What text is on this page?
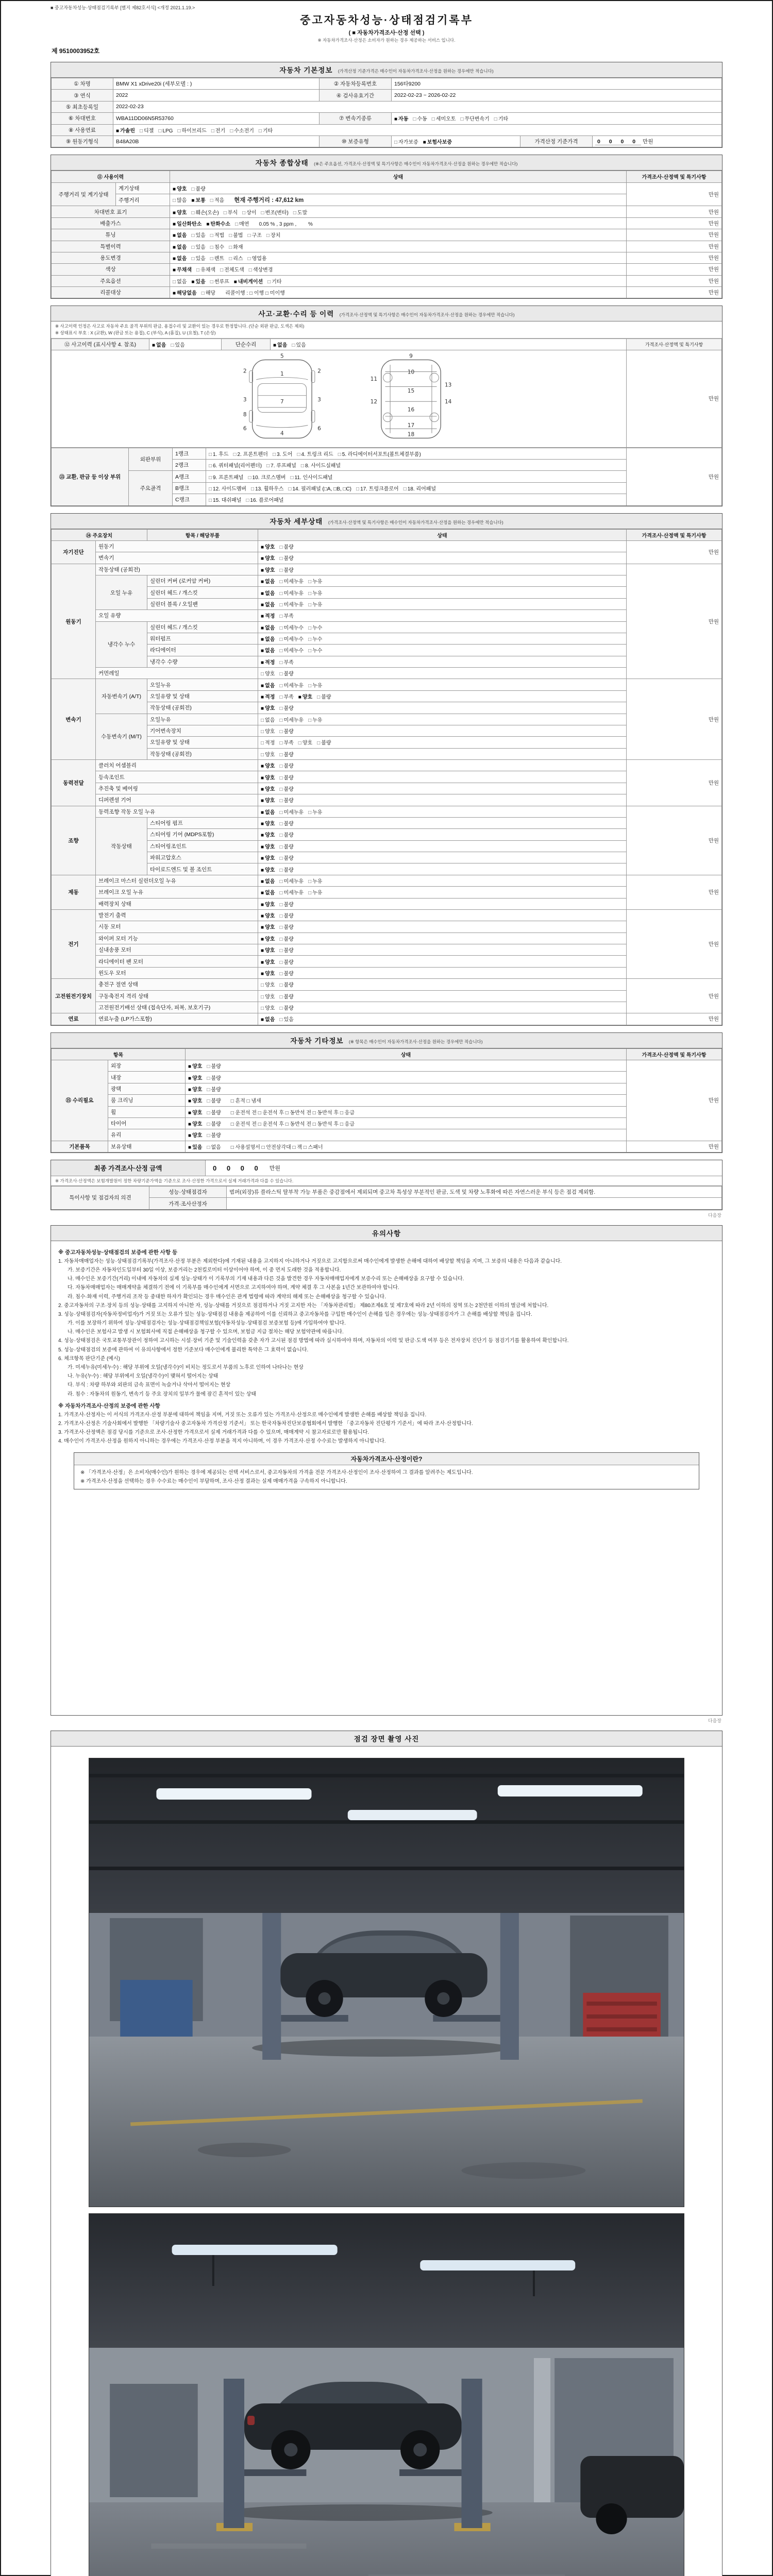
■ 중고자동차성능·상태점검기록부 [별지 제82호서식] <개정 2021.1.19.>
중고자동차성능·상태점검기록부
( ■ 자동차가격조사·산정 선택 )
※ 자동차가격조사·산정은 소비자가 원하는 경우 제공하는 서비스 입니다.
제 9510003952호
자동차 기본정보 (가격산정 기준가격은 매수인이 자동차가격조사·산정을 원하는 경우에만 적습니다)
① 차명	BMW X1 xDrive20i (세부모델 : )	② 자동차등록번호	156타9200		
③ 연식	2022	④ 검사유효기간	2022-02-23 ~ 2026-02-22		
⑤ 최초등록일	2022-02-23				
⑥ 차대번호	WBA11DD06N5R53760	⑦ 변속기종류	■ 자동 □ 수동 □ 세미오토 □ 무단변속기 □ 기타		
⑧ 사용연료	■ 가솔린 □ 디젤 □ LPG □ 하이브리드 □ 전기 □ 수소전기 □ 기타				
⑨ 원동기형식	B48A20B	⑩ 보증유형	□ 자가보증 ■ 보험사보증	가격산정 기준가격	0 0 0 0 만원
자동차 종합상태 (※은 주요옵션, 가격조사·산정액 및 특기사항은 매수인이 자동차가격조사·산정을 원하는 경우에만 적습니다)
⑪ 사용이력		상태	가격조사·산정액 및 특기사항
주행거리 및 계기상태	계기상태	■ 양호 □ 불량	만원
	주행거리	□ 많음 ■ 보통 □ 적음 현재 주행거리 : 47,612 km	
차대번호 표기		■ 양호 □ 훼손(오손) □ 부식 □ 상이 □ 변조(변타) □ 도말	만원
배출가스		■ 일산화탄소 ■ 탄화수소 □ 매연 0.05 % , 3 ppm ,　　 %	만원
튜닝		■ 없음 □ 있음 □ 적법 □ 불법 □ 구조 □ 장치	만원
특별이력		■ 없음 □ 있음 □ 침수 □ 화재	만원
용도변경		■ 없음 □ 있음 □ 렌트 □ 리스 □ 영업용	만원
색상		■ 무채색 □ 유채색 □ 전체도색 □ 색상변경	만원
주요옵션		□ 없음 ■ 있음 □ 썬루프 ■ 내비게이션 □ 기타	만원
리콜대상		■ 해당없음 □ 해당 리콜이행 : □ 이행 □ 미이행	만원
사고·교환·수리 등 이력 (가격조사·산정액 및 특기사항은 매수인이 자동차가격조사·산정을 원하는 경우에만 적습니다)
※ 사고이력 인정은 사고로 자동차 주요 골격 부위의 판금, 용접수리 및 교환이 있는 경우로 한정합니다. (단순 외판 판금, 도색은 제외)
※ 상태표시 부호 : X (교환), W (판금 또는 용접), C (부식), A (흠집), U (요철), T (손상)
⑫ 사고이력 (표시사항 4. 참조)	■ 없음 □ 있음	단순수리	■ 없음 □ 있음	가격조사·산정액 및 특기사항

5
1
2	2
3	3
7
8
6	6
4
9
10
11
15
12
13
14
16
17
18
	만원
⑬ 교환, 판금 등 이상 부위	외판부위	1랭크	□ 1. 후드 □ 2. 프론트펜더 □ 3. 도어 □ 4. 트렁크 리드 □ 5. 라디에이터서포트(볼트체결부품)	만원
		2랭크	□ 6. 쿼터패널(리어펜더) □ 7. 루프패널 □ 8. 사이드실패널	
	주요골격	A랭크	□ 9. 프론트패널 □ 10. 크로스멤버 □ 11. 인사이드패널	
		B랭크	□ 12. 사이드멤버 □ 13. 휠하우스 □ 14. 필러패널 (□A, □B, □C) □ 17. 트렁크플로어 □ 18. 리어패널	
		C랭크	□ 15. 대쉬패널 □ 16. 플로어패널	
자동차 세부상태 (가격조사·산정액 및 특기사항은 매수인이 자동차가격조사·산정을 원하는 경우에만 적습니다)
⑭ 주요장치		항목 / 해당부품	상태	가격조사·산정액 및 특기사항
자기진단	원동기		■ 양호 □ 불량	만원
	변속기		■ 양호 □ 불량	
원동기	작동상태 (공회전)		■ 양호 □ 불량	만원
	오일 누유	실린더 커버 (로커암 커버)	■ 없음 □ 미세누유 □ 누유	
		실린더 헤드 / 개스킷	■ 없음 □ 미세누유 □ 누유	
		실린더 블록 / 오일팬	■ 없음 □ 미세누유 □ 누유	
	오일 유량		■ 적정 □ 부족	
	냉각수 누수	실린더 헤드 / 개스킷	■ 없음 □ 미세누수 □ 누수	
		워터펌프	■ 없음 □ 미세누수 □ 누수	
		라디에이터	■ 없음 □ 미세누수 □ 누수	
		냉각수 수량	■ 적정 □ 부족	
	커먼레일		□ 양호 □ 불량	
변속기	자동변속기 (A/T)	오일누유	■ 없음 □ 미세누유 □ 누유	만원
		오일유량 및 상태	■ 적정 □ 부족 ■ 양호 □ 불량	
		작동상태 (공회전)	■ 양호 □ 불량	
	수동변속기 (M/T)	오일누유	□ 없음 □ 미세누유 □ 누유	
		기어변속장치	□ 양호 □ 불량	
		오일유량 및 상태	□ 적정 □ 부족 □ 양호 □ 불량	
		작동상태 (공회전)	□ 양호 □ 불량	
동력전달	클러치 어셈블리		■ 양호 □ 불량	만원
	등속조인트		■ 양호 □ 불량	
	추진축 및 베어링		■ 양호 □ 불량	
	디퍼렌셜 기어		■ 양호 □ 불량	
조향	동력조향 작동 오일 누유		■ 없음 □ 미세누유 □ 누유	만원
	작동상태	스티어링 펌프	■ 양호 □ 불량	
		스티어링 기어 (MDPS포함)	■ 양호 □ 불량	
		스티어링조인트	■ 양호 □ 불량	
		파워고압호스	■ 양호 □ 불량	
		타이로드엔드 및 볼 조인트	■ 양호 □ 불량	
제동	브레이크 마스터 실린더오일 누유		■ 없음 □ 미세누유 □ 누유	만원
	브레이크 오일 누유		■ 없음 □ 미세누유 □ 누유	
	배력장치 상태		■ 양호 □ 불량	
전기	발전기 출력		■ 양호 □ 불량	만원
	시동 모터		■ 양호 □ 불량	
	와이퍼 모터 기능		■ 양호 □ 불량	
	실내송풍 모터		■ 양호 □ 불량	
	라디에이터 팬 모터		■ 양호 □ 불량	
	윈도우 모터		■ 양호 □ 불량	
고전원전기장치	충전구 절연 상태		□ 양호 □ 불량	만원
	구동축전지 격리 상태		□ 양호 □ 불량	
	고전원전기배선 상태 (접속단자, 피복, 보호기구)		□ 양호 □ 불량	
연료	연료누출 (LP가스포함)		■ 없음 □ 있음	만원
자동차 기타정보 (※ 항목은 매수인이 자동차가격조사·산정을 원하는 경우에만 적습니다)
항목		상태	가격조사·산정액 및 특기사항
⑮ 수리필요	외장	■ 양호 □ 불량	만원
	내장	■ 양호 □ 불량	
	광택	■ 양호 □ 불량	
	룸 크리닝	■ 양호 □ 불량 □ 흔적 □ 냄새	
	휠	■ 양호 □ 불량 □ 운전석 전 □ 운전석 후 □ 동반석 전 □ 동반석 후 □ 응급	
	타이어	■ 양호 □ 불량 □ 운전석 전 □ 운전석 후 □ 동반석 전 □ 동반석 후 □ 응급	
	유리	■ 양호 □ 불량	
기본품목	보유상태	■ 있음 □ 없음 □ 사용설명서 □ 안전삼각대 □ 잭 □ 스패너	만원
최종 가격조사·산정 금액	0 0 0 0	만원
※ 가격조사·산정액은 보험개발원이 정한 차량기준가액을 기준으로 조사·산정한 가격으로서 실제 거래가격과 다를 수 있습니다.
특이사항 및 점검자의 의견	성능·상태점검자	범퍼(외장)류 플라스틱 탈부착 가능 부품은 중감점에서 제외되며 중고차 특성상 부분적인 판금, 도색 및 차량 노후화에 따른 자연스러운 부식 등은 점검 제외함.
	가격·조사산정자	
다음장
유의사항
※ 중고자동차성능·상태점검의 보증에 관한 사항 등
1. 자동차매매업자는 성능·상태점검기록부(가격조사·산정 부분은 제외한다)에 기재된 내용을 고지하지 아니하거나 거짓으로 고지함으로써 매수인에게 발생한 손해에 대하여 배상할 책임을 지며, 그 보증의 내용은 다음과 같습니다.
가. 보증기간은 자동차인도일부터 30일 이상, 보증거리는 2천킬로미터 이상이어야 하며, 이 중 먼저 도래한 것을 적용합니다.
나. 매수인은 보증기간(거리) 이내에 자동차의 실제 성능·상태가 이 기록부의 기재 내용과 다른 것을 발견한 경우 자동차매매업자에게 보증수리 또는 손해배상을 요구할 수 있습니다.
다. 자동차매매업자는 매매계약을 체결하기 전에 이 기록부를 매수인에게 서면으로 고지하여야 하며, 계약 체결 후 그 사본을 1년간 보관하여야 합니다.
라. 침수·화재 이력, 주행거리 조작 등 중대한 하자가 확인되는 경우 매수인은 관계 법령에 따라 계약의 해제 또는 손해배상을 청구할 수 있습니다.
2. 중고자동차의 구조·장치 등의 성능·상태를 고지하지 아니한 자, 성능·상태를 거짓으로 점검하거나 거짓 고지한 자는 「자동차관리법」 제80조제6호 및 제7호에 따라 2년 이하의 징역 또는 2천만원 이하의 벌금에 처합니다.
3. 성능·상태점검자(자동차정비업자)가 거짓 또는 오류가 있는 성능·상태점검 내용을 제공하여 이를 신뢰하고 중고자동차를 구입한 매수인이 손해를 입은 경우에는 성능·상태점검자가 그 손해를 배상할 책임을 집니다.
가. 이를 보장하기 위하여 성능·상태점검자는 성능·상태점검책임보험(자동차성능·상태점검 보증보험 등)에 가입하여야 합니다.
나. 매수인은 보험사고 발생 시 보험회사에 직접 손해배상을 청구할 수 있으며, 보험금 지급 절차는 해당 보험약관에 따릅니다.
4. 성능·상태점검은 국토교통부장관이 정하여 고시하는 시설·장비 기준 및 기술인력을 갖춘 자가 고시된 점검 방법에 따라 실시하여야 하며, 자동차의 이력 및 판금·도색 여부 등은 전자장치 진단기 등 점검기기를 활용하여 확인합니다.
5. 성능·상태점검의 보증에 관하여 이 유의사항에서 정한 기준보다 매수인에게 불리한 특약은 그 효력이 없습니다.
6. 체크항목 판단기준 (예시)
가. 미세누유(미세누수) : 해당 부위에 오일(냉각수)이 비치는 정도로서 부품의 노후로 인하여 나타나는 현상
나. 누유(누수) : 해당 부위에서 오일(냉각수)이 맺혀서 떨어지는 상태
다. 부식 : 차량 하부와 외판의 금속 표면이 녹슬거나 삭아서 떨어지는 현상
라. 침수 : 자동차의 원동기, 변속기 등 주요 장치의 일부가 물에 잠긴 흔적이 있는 상태
※ 자동차가격조사·산정의 보증에 관한 사항
1. 가격조사·산정자는 이 서식의 가격조사·산정 부분에 대하여 책임을 지며, 거짓 또는 오류가 있는 가격조사·산정으로 매수인에게 발생한 손해를 배상할 책임을 집니다.
2. 가격조사·산정은 기술사회에서 발행한 「차량기술사 중고자동차 가격산정 기준서」 또는 한국자동차진단보증협회에서 발행한 「중고자동차 진단평가 기준서」에 따라 조사·산정합니다.
3. 가격조사·산정액은 점검 당시를 기준으로 조사·산정한 가격으로서 실제 거래가격과 다를 수 있으며, 매매계약 시 참고자료로만 활용됩니다.
4. 매수인이 가격조사·산정을 원하지 아니하는 경우에는 가격조사·산정 부분을 적지 아니하며, 이 경우 가격조사·산정 수수료는 발생하지 아니합니다.
자동차가격조사·산정이란?
※ 「가격조사·산정」은 소비자(매수인)가 원하는 경우에 제공되는 선택 서비스로서, 중고자동차의 가격을 전문 가격조사·산정인이 조사·산정하여 그 결과를 알려주는 제도입니다.
※ 가격조사·산정을 선택하는 경우 수수료는 매수인이 부담하며, 조사·산정 결과는 실제 매매가격을 구속하지 아니합니다.
다음장
점검 장면 촬영 사진
